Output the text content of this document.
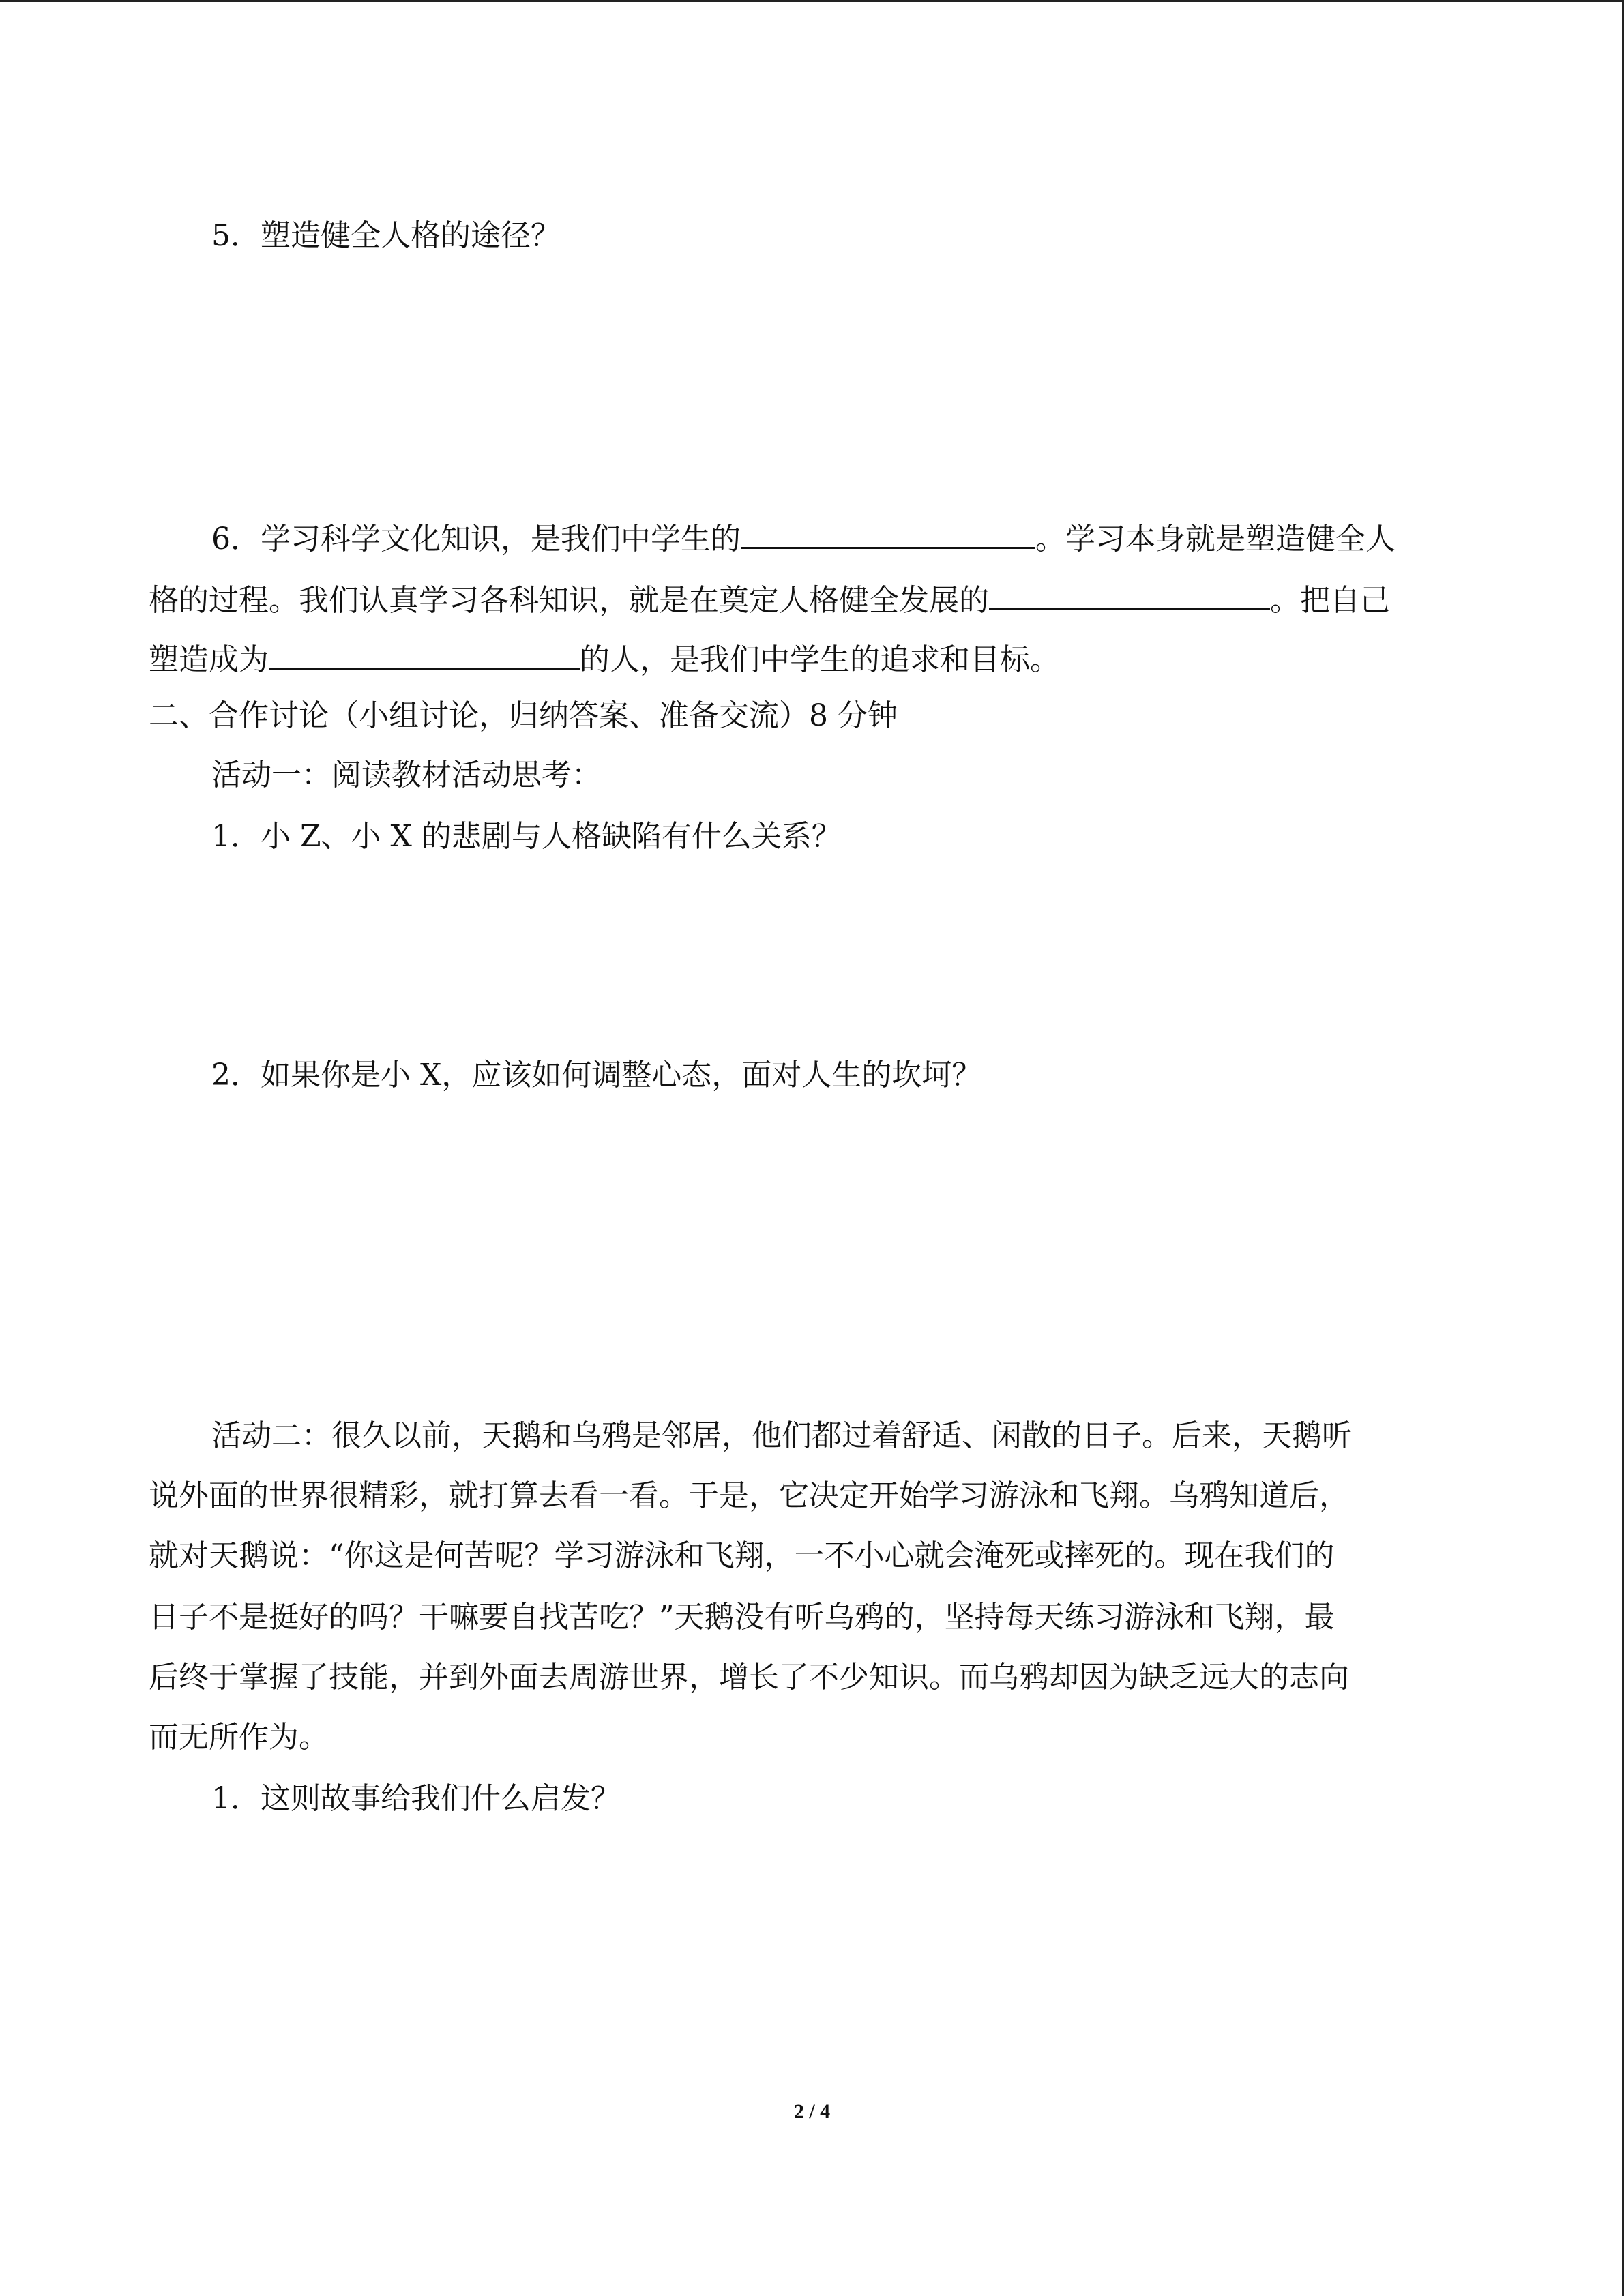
5．塑造健全人格的途径？
6．学习科学文化知识，是我们中学生的	。学习本身就是塑造健全人
格的过程。我们认真学习各科知识，就是在奠定人格健全发展的	。把自己
塑造成为	的人，是我们中学生的追求和目标。
二、合作讨论（小组讨论，归纳答案、准备交流）8 分钟
活动一：阅读教材活动思考：
1．小 Z、小 X 的悲剧与人格缺陷有什么关系？
2．如果你是小 X，应该如何调整心态，面对人生的坎坷？
活动二：很久以前，天鹅和乌鸦是邻居，他们都过着舒适、闲散的日子。后来，天鹅听
说外面的世界很精彩，就打算去看一看。于是，它决定开始学习游泳和飞翔。乌鸦知道后，
就对天鹅说：“你这是何苦呢？学习游泳和飞翔，一不小心就会淹死或摔死的。现在我们的
日子不是挺好的吗？干嘛要自找苦吃？”天鹅没有听乌鸦的，坚持每天练习游泳和飞翔，最
后终于掌握了技能，并到外面去周游世界，增长了不少知识。而乌鸦却因为缺乏远大的志向
而无所作为。
1．这则故事给我们什么启发？
2 / 4
